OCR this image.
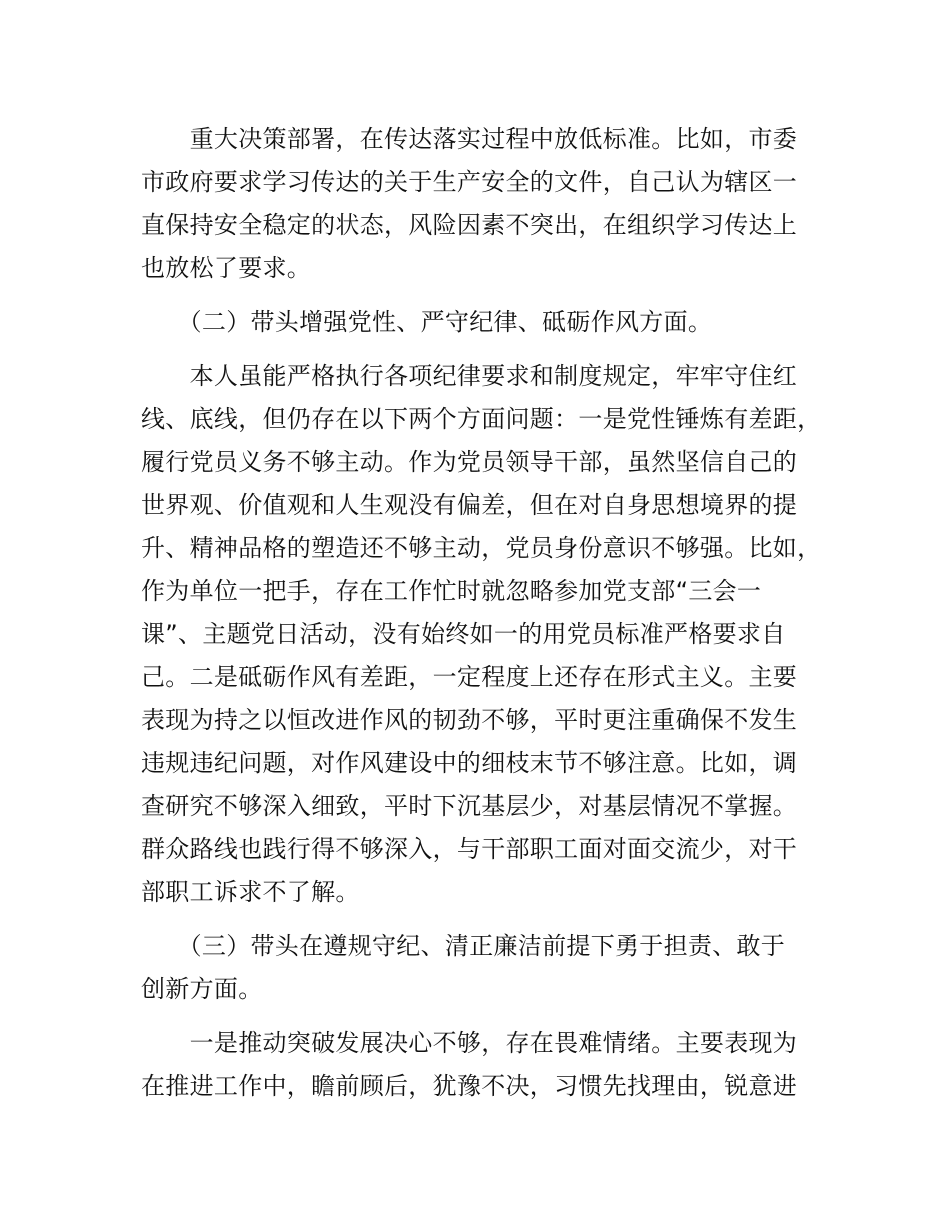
　　重大决策部署，在传达落实过程中放低标准。比如，市委
市政府要求学习传达的关于生产安全的文件，自己认为辖区一
直保持安全稳定的状态，风险因素不突出，在组织学习传达上
也放松了要求。
　　（二）带头增强党性、严守纪律、砥砺作风方面。
　　本人虽能严格执行各项纪律要求和制度规定，牢牢守住红
线、底线，但仍存在以下两个方面问题：一是党性锤炼有差距，
履行党员义务不够主动。作为党员领导干部，虽然坚信自己的
世界观、价值观和人生观没有偏差，但在对自身思想境界的提
升、精神品格的塑造还不够主动，党员身份意识不够强。比如，
作为单位一把手，存在工作忙时就忽略参加党支部“三会一
课”、主题党日活动，没有始终如一的用党员标准严格要求自
己。二是砥砺作风有差距，一定程度上还存在形式主义。主要
表现为持之以恒改进作风的韧劲不够，平时更注重确保不发生
违规违纪问题，对作风建设中的细枝末节不够注意。比如，调
查研究不够深入细致，平时下沉基层少，对基层情况不掌握。
群众路线也践行得不够深入，与干部职工面对面交流少，对干
部职工诉求不了解。
　　（三）带头在遵规守纪、清正廉洁前提下勇于担责、敢于
创新方面。
　　一是推动突破发展决心不够，存在畏难情绪。主要表现为
在推进工作中，瞻前顾后，犹豫不决，习惯先找理由，锐意进
